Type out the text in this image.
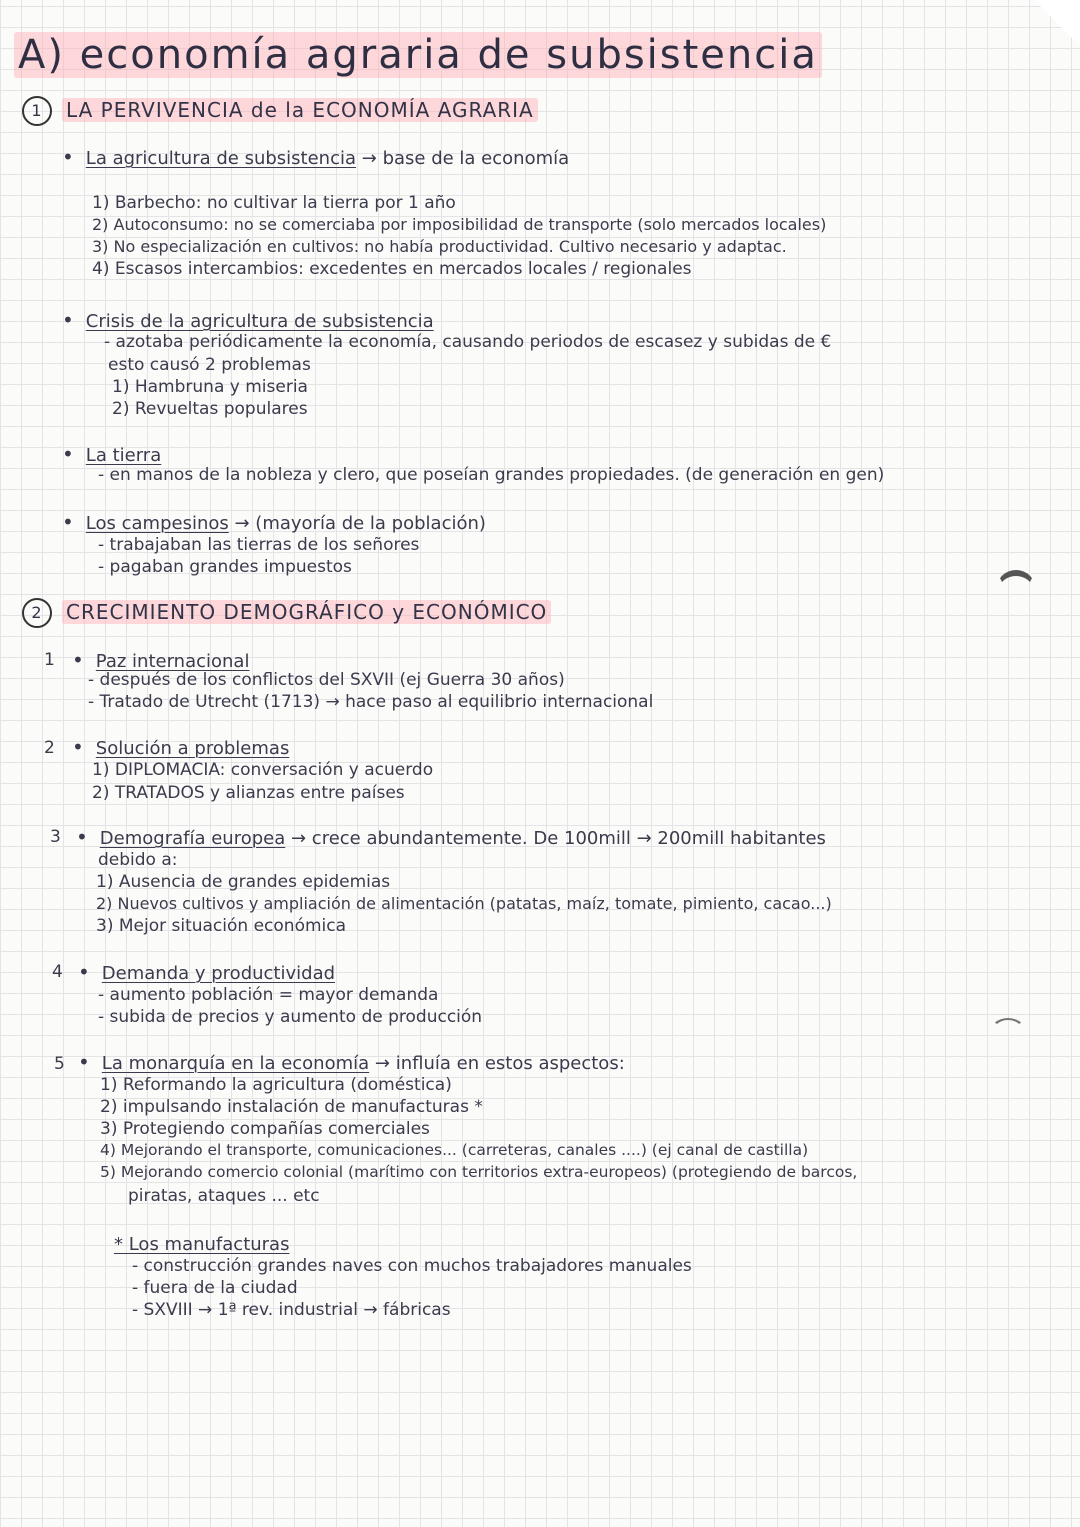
A) economía agraria de subsistencia
1 LA PERVIVENCIA de la ECONOMÍA AGRARIA
• La agricultura de subsistencia → base de la economía
1) Barbecho: no cultivar la tierra por 1 año
2) Autoconsumo: no se comerciaba por imposibilidad de transporte (solo mercados locales)
3) No especialización en cultivos: no había productividad. Cultivo necesario y adaptac.
4) Escasos intercambios: excedentes en mercados locales / regionales
• Crisis de la agricultura de subsistencia
- azotaba periódicamente la economía, causando periodos de escasez y subidas de €
esto causó 2 problemas
1) Hambruna y miseria
2) Revueltas populares
• La tierra
- en manos de la nobleza y clero, que poseían grandes propiedades. (de generación en gen)
• Los campesinos → (mayoría de la población)
- trabajaban las tierras de los señores
- pagaban grandes impuestos
2 CRECIMIENTO DEMOGRÁFICO y ECONÓMICO
1 • Paz internacional
- después de los conflictos del SXVII (ej Guerra 30 años)
- Tratado de Utrecht (1713) → hace paso al equilibrio internacional
2 • Solución a problemas
1) DIPLOMACIA: conversación y acuerdo
2) TRATADOS y alianzas entre países
3 • Demografía europea → crece abundantemente. De 100mill → 200mill habitantes
debido a:
1) Ausencia de grandes epidemias
2) Nuevos cultivos y ampliación de alimentación (patatas, maíz, tomate, pimiento, cacao...)
3) Mejor situación económica
4 • Demanda y productividad
- aumento población = mayor demanda
- subida de precios y aumento de producción
5 • La monarquía en la economía → influía en estos aspectos:
1) Reformando la agricultura (doméstica)
2) impulsando instalación de manufacturas *
3) Protegiendo compañías comerciales
4) Mejorando el transporte, comunicaciones... (carreteras, canales ....) (ej canal de castilla)
5) Mejorando comercio colonial (marítimo con territorios extra-europeos) (protegiendo de barcos,
piratas, ataques ... etc
* Los manufacturas
- construcción grandes naves con muchos trabajadores manuales
- fuera de la ciudad
- SXVIII → 1ª rev. industrial → fábricas
